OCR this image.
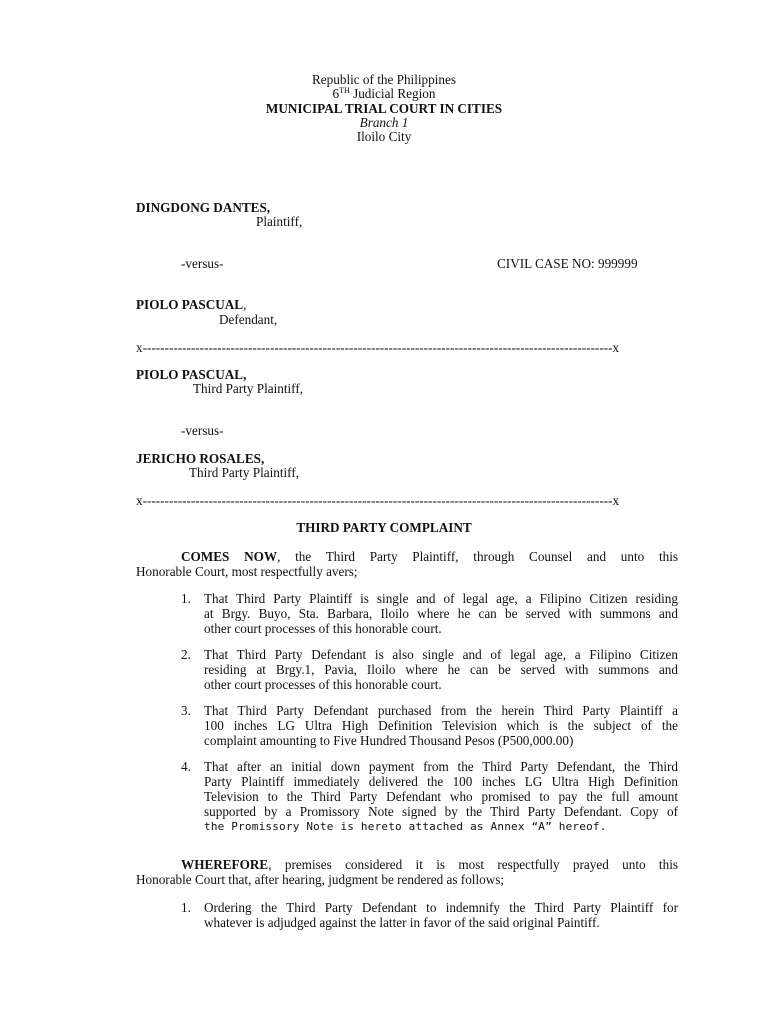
Republic of the Philippines
6TH Judicial Region
MUNICIPAL TRIAL COURT IN CITIES
Branch 1
Iloilo City
DINGDONG DANTES,
Plaintiff,
-versus-	CIVIL CASE NO: 999999
PIOLO PASCUAL,
Defendant,
x-----------------------------------------------------------------------------------------------------------x
PIOLO PASCUAL,
Third Party Plaintiff,
-versus-
JERICHO ROSALES,
Third Party Plaintiff,
x-----------------------------------------------------------------------------------------------------------x
THIRD PARTY COMPLAINT
COMES NOW, the Third Party Plaintiff, through Counsel and unto this
Honorable Court, most respectfully avers;
1. That Third Party Plaintiff is single and of legal age, a Filipino Citizen residing
at Brgy. Buyo, Sta. Barbara, Iloilo where he can be served with summons and
other court processes of this honorable court.
2. That Third Party Defendant is also single and of legal age, a Filipino Citizen
residing at Brgy.1, Pavia, Iloilo where he can be served with summons and
other court processes of this honorable court.
3. That Third Party Defendant purchased from the herein Third Party Plaintiff a
100 inches LG Ultra High Definition Television which is the subject of the
complaint amounting to Five Hundred Thousand Pesos (P500,000.00)
4. That after an initial down payment from the Third Party Defendant, the Third
Party Plaintiff immediately delivered the 100 inches LG Ultra High Definition
Television to the Third Party Defendant who promised to pay the full amount
supported by a Promissory Note signed by the Third Party Defendant. Copy of
the Promissory Note is hereto attached as Annex “A” hereof.
WHEREFORE, premises considered it is most respectfully prayed unto this
Honorable Court that, after hearing, judgment be rendered as follows;
1. Ordering the Third Party Defendant to indemnify the Third Party Plaintiff for
whatever is adjudged against the latter in favor of the said original Paintiff.
